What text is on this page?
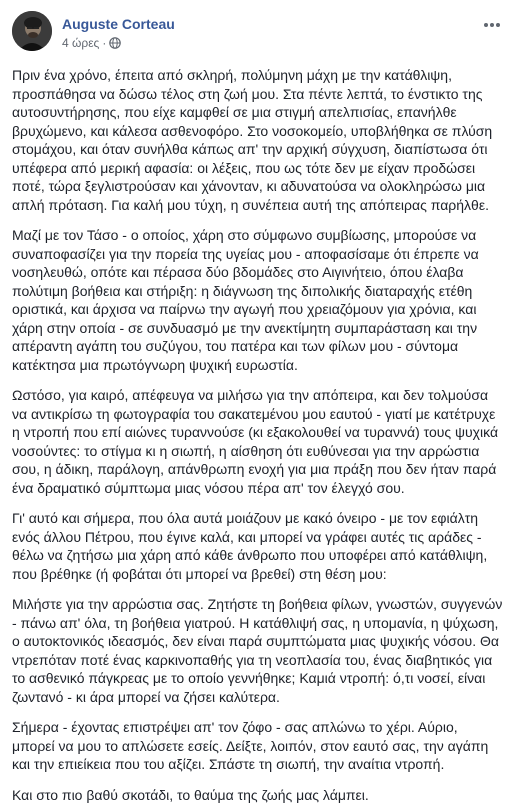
Auguste Corteau
4 ώρες ·

Πριν ένα χρόνο, έπειτα από σκληρή, πολύμηνη μάχη με την κατάθλιψη, προσπάθησα να δώσω τέλος στη ζωή μου. Στα πέντε λεπτά, το ένστικτο της αυτοσυντήρησης, που είχε καμφθεί σε μια στιγμή απελπισίας, επανήλθε βρυχώμενο, και κάλεσα ασθενοφόρο. Στο νοσοκομείο, υποβλήθηκα σε πλύση στομάχου, και όταν συνήλθα κάπως απ' την αρχική σύγχυση, διαπίστωσα ότι υπέφερα από μερική αφασία: οι λέξεις, που ως τότε δεν με είχαν προδώσει ποτέ, τώρα ξεγλιστρούσαν και χάνονταν, κι αδυνατούσα να ολοκληρώσω μια απλή πρόταση. Για καλή μου τύχη, η συνέπεια αυτή της απόπειρας παρήλθε.

Μαζί με τον Τάσο - ο οποίος, χάρη στο σύμφωνο συμβίωσης, μπορούσε να συναποφασίζει για την πορεία της υγείας μου - αποφασίσαμε ότι έπρεπε να νοσηλευθώ, οπότε και πέρασα δύο βδομάδες στο Αιγινήτειο, όπου έλαβα πολύτιμη βοήθεια και στήριξη: η διάγνωση της διπολικής διαταραχής ετέθη οριστικά, και άρχισα να παίρνω την αγωγή που χρειαζόμουν για χρόνια, και χάρη στην οποία - σε συνδυασμό με την ανεκτίμητη συμπαράσταση και την απέραντη αγάπη του συζύγου, του πατέρα και των φίλων μου - σύντομα κατέκτησα μια πρωτόγνωρη ψυχική ευρωστία.

Ωστόσο, για καιρό, απέφευγα να μιλήσω για την απόπειρα, και δεν τολμούσα να αντικρίσω τη φωτογραφία του σακατεμένου μου εαυτού - γιατί με κατέτρυχε η ντροπή που επί αιώνες τυραννούσε (κι εξακολουθεί να τυραννά) τους ψυχικά νοσούντες: το στίγμα κι η σιωπή, η αίσθηση ότι ευθύνεσαι για την αρρώστια σου, η άδικη, παράλογη, απάνθρωπη ενοχή για μια πράξη που δεν ήταν παρά ένα δραματικό σύμπτωμα μιας νόσου πέρα απ' τον έλεγχό σου.

Γι' αυτό και σήμερα, που όλα αυτά μοιάζουν με κακό όνειρο - με τον εφιάλτη ενός άλλου Πέτρου, που έγινε καλά, και μπορεί να γράφει αυτές τις αράδες - θέλω να ζητήσω μια χάρη από κάθε άνθρωπο που υποφέρει από κατάθλιψη, που βρέθηκε (ή φοβάται ότι μπορεί να βρεθεί) στη θέση μου:

Μιλήστε για την αρρώστια σας. Ζητήστε τη βοήθεια φίλων, γνωστών, συγγενών - πάνω απ' όλα, τη βοήθεια γιατρού. Η κατάθλιψή σας, η υπομανία, η ψύχωση, ο αυτοκτονικός ιδεασμός, δεν είναι παρά συμπτώματα μιας ψυχικής νόσου. Θα ντρεπόταν ποτέ ένας καρκινοπαθής για τη νεοπλασία του, ένας διαβητικός για το ασθενικό πάγκρεας με το οποίο γεννήθηκε; Καμιά ντροπή: ό,τι νοσεί, είναι ζωντανό - κι άρα μπορεί να ζήσει καλύτερα.

Σήμερα - έχοντας επιστρέψει απ' τον ζόφο - σας απλώνω το χέρι. Αύριο, μπορεί να μου το απλώσετε εσείς. Δείξτε, λοιπόν, στον εαυτό σας, την αγάπη και την επιείκεια που του αξίζει. Σπάστε τη σιωπή, την αναίτια ντροπή.

Και στο πιο βαθύ σκοτάδι, το θαύμα της ζωής μας λάμπει.
